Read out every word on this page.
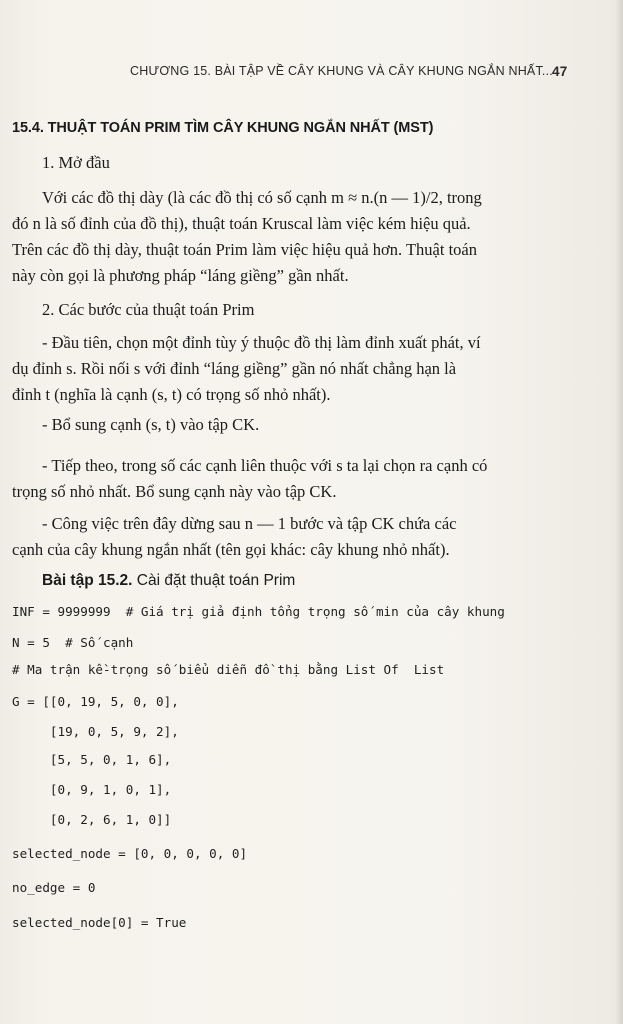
CHƯƠNG 15. BÀI TẬP VỀ CÂY KHUNG VÀ CÂY KHUNG NGẮN NHẤT... 47
15.4. THUẬT TOÁN PRIM TÌM CÂY KHUNG NGẮN NHẤT (MST)
1. Mở đầu
Với các đồ thị dày (là các đồ thị có số cạnh m ≈ n.(n — 1)/2, trong
đó n là số đỉnh của đồ thị), thuật toán Kruscal làm việc kém hiệu quả.
Trên các đồ thị dày, thuật toán Prim làm việc hiệu quả hơn. Thuật toán
này còn gọi là phương pháp “láng giềng” gần nhất.
2. Các bước của thuật toán Prim
- Đầu tiên, chọn một đỉnh tùy ý thuộc đồ thị làm đỉnh xuất phát, ví
dụ đỉnh s. Rồi nối s với đỉnh “láng giềng” gần nó nhất chẳng hạn là
đỉnh t (nghĩa là cạnh (s, t) có trọng số nhỏ nhất).
- Bổ sung cạnh (s, t) vào tập CK.
- Tiếp theo, trong số các cạnh liên thuộc với s ta lại chọn ra cạnh có
trọng số nhỏ nhất. Bổ sung cạnh này vào tập CK.
- Công việc trên đây dừng sau n — 1 bước và tập CK chứa các
cạnh của cây khung ngắn nhất (tên gọi khác: cây khung nhỏ nhất).
Bài tập 15.2. Cài đặt thuật toán Prim
INF = 9999999  # Giá trị giả định tổng trọng số min của cây khung
N = 5  # Số cạnh
# Ma trận kề-trọng số biểu diễn đồ thị bằng List Of  List
G = [[0, 19, 5, 0, 0],
[19, 0, 5, 9, 2],
[5, 5, 0, 1, 6],
[0, 9, 1, 0, 1],
[0, 2, 6, 1, 0]]
selected_node = [0, 0, 0, 0, 0]
no_edge = 0
selected_node[0] = True
